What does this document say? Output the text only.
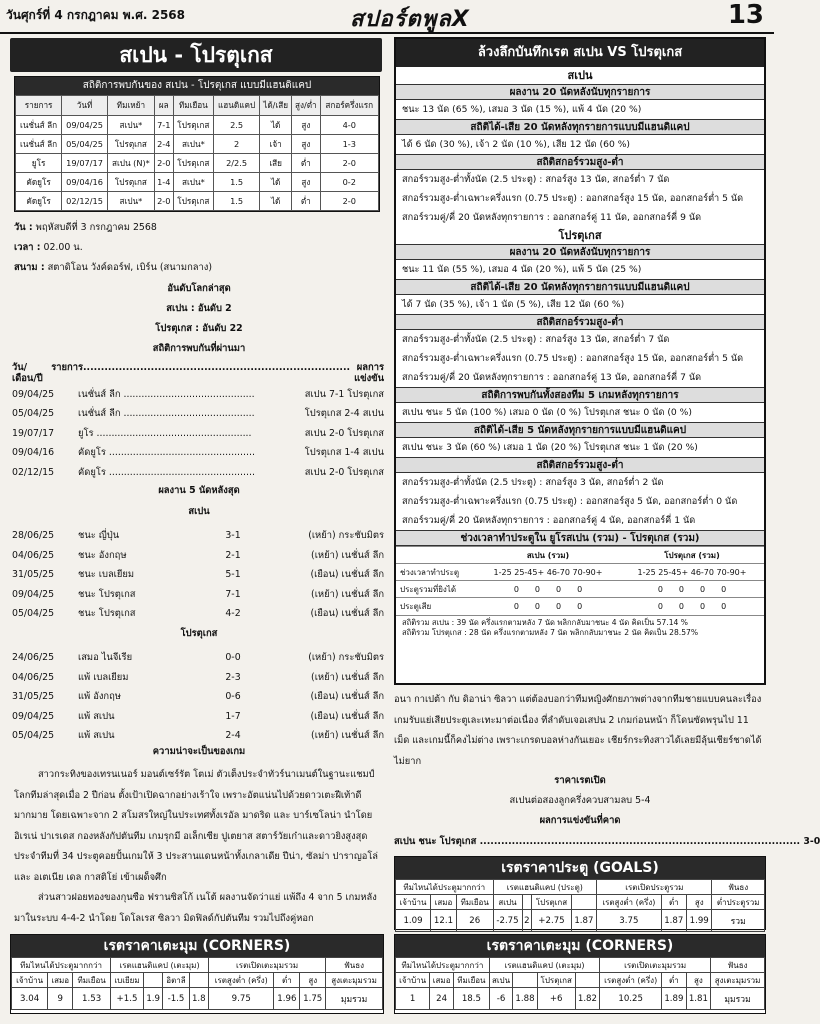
วันศุกร์ที่ 4 กรกฎาคม พ.ศ. 2568	สปอร์ตพูลX	13
สเปน - โปรตุเกส
สถิติการพบกันของ สเปน - โปรตุเกส แบบมีแฮนดิแคป
รายการ	วันที่	ทีมเหย้า	ผล	ทีมเยือน	แฮนดิแคป	ได้/เสีย	สูง/ต่ำ	สกอร์ครึ่งแรก
เนชั่นส์ ลีก	09/04/25	สเปน*	7-1	โปรตุเกส	2.5	ได้	สูง	4-0
เนชั่นส์ ลีก	05/04/25	โปรตุเกส	2-4	สเปน*	2	เจ้า	สูง	1-3
ยูโร	19/07/17	สเปน (N)*	2-0	โปรตุเกส	2/2.5	เสีย	ต่ำ	2-0
คัดยูโร	09/04/16	โปรตุเกส	1-4	สเปน*	1.5	ได้	สูง	0-2
คัดยูโร	02/12/15	สเปน*	2-0	โปรตุเกส	1.5	ได้	ต่ำ	2-0
วัน : พฤหัสบดีที่ 3 กรกฎาคม 2568
เวลา : 02.00 น.
สนาม : สตาดิโอน วังค์ดอร์ฟ, เบิร์น (สนามกลาง)
อันดับโลกล่าสุด
สเปน : อันดับ 2
โปรตุเกส : อันดับ 22
สถิติการพบกันที่ผ่านมา
วัน/เดือน/ปี
รายการ........................................................................... ผลการแข่งขัน
09/04/25	เนชั่นส์ ลีก ............................................	สเปน 7-1 โปรตุเกส
05/04/25	เนชั่นส์ ลีก ............................................	โปรตุเกส 2-4 สเปน
19/07/17	ยูโร ....................................................	สเปน 2-0 โปรตุเกส
09/04/16	คัดยูโร .................................................	โปรตุเกส 1-4 สเปน
02/12/15	คัดยูโร .................................................	สเปน 2-0 โปรตุเกส
ผลงาน 5 นัดหลังสุด
สเปน
28/06/25	ชนะ ญี่ปุ่น	3-1	(เหย้า) กระชับมิตร
04/06/25	ชนะ อังกฤษ	2-1	(เหย้า) เนชั่นส์ ลีก
31/05/25	ชนะ เบลเยียม	5-1	(เยือน) เนชั่นส์ ลีก
09/04/25	ชนะ โปรตุเกส	7-1	(เหย้า) เนชั่นส์ ลีก
05/04/25	ชนะ โปรตุเกส	4-2	(เยือน) เนชั่นส์ ลีก
โปรตุเกส
24/06/25	เสมอ ไนจีเรีย	0-0	(เหย้า) กระชับมิตร
04/06/25	แพ้ เบลเยียม	2-3	(เหย้า) เนชั่นส์ ลีก
31/05/25	แพ้ อังกฤษ	0-6	(เยือน) เนชั่นส์ ลีก
09/04/25	แพ้ สเปน	1-7	(เยือน) เนชั่นส์ ลีก
05/04/25	แพ้ สเปน	2-4	(เหย้า) เนชั่นส์ ลีก
ความน่าจะเป็นของเกม
สาวกระทิงของเทรนเนอร์ มอนต์เซร์รัต โตเม่ ตัวเต็งประจำทัวร์นาเมนต์ในฐานะแชมป์โลกทีมล่าสุดเมื่อ 2 ปีก่อน ตั้งเป้าเปิดฉากอย่างเร้าใจ เพราะอัตแน่นไปด้วยดาวเตะฝีเท้าดีมากมาย โดยเฉพาะจาก 2 สโมสรใหญ่ในประเทศทั้งเรอัล มาดริด และ บาร์เซโลน่า นำโดย อิเรเน่ ปาเรเดส กองหลังกัปตันทีม เกมรุกมี อเล็กเซีย ปูเตยาส สตาร์วัยเก๋าและดาวยิงสูงสุดประจำทีมที่ 34 ประตูคอยปั้นเกมให้ 3 ประสานแดนหน้าทั้งเกลาเดีย ปีน่า, ซัลม่า ปาราญอโล่ และ อเตเนีย เดล กาสติโย่ เข้าเผด็จศึก
ส่วนสาวฝอยทองของกุนซือ ฟรานซิสโก้ เนโต้ ผลงานจัดว่าแย่ แพ้ถึง 4 จาก 5 เกมหลัง มาในระบบ 4-4-2 นำโดย โดโลเรส ซิลวา มิดฟิลด์กัปตันทีม รวมไปถึงคู่หอก
ล้วงลึกบันทึกเรต สเปน VS โปรตุเกส
สเปน
ผลงาน 20 นัดหลังนับทุกรายการ
ชนะ 13 นัด (65 %), เสมอ 3 นัด (15 %), แพ้ 4 นัด (20 %)
สถิติได้-เสีย 20 นัดหลังทุกรายการแบบมีแฮนดิแคป
ได้ 6 นัด (30 %), เจ้า 2 นัด (10 %), เสีย 12 นัด (60 %)
สถิติสกอร์รวมสูง-ต่ำ
สกอร์รวมสูง-ต่ำทั้งนัด (2.5 ประตู) : สกอร์สูง 13 นัด, สกอร์ต่ำ 7 นัด
สกอร์รวมสูง-ต่ำเฉพาะครึ่งแรก (0.75 ประตู) : ออกสกอร์สูง 15 นัด, ออกสกอร์ต่ำ 5 นัด
สกอร์รวมคู่/คี่ 20 นัดหลังทุกรายการ : ออกสกอร์คู่ 11 นัด, ออกสกอร์คี่ 9 นัด
โปรตุเกส
ผลงาน 20 นัดหลังนับทุกรายการ
ชนะ 11 นัด (55 %), เสมอ 4 นัด (20 %), แพ้ 5 นัด (25 %)
สถิติได้-เสีย 20 นัดหลังทุกรายการแบบมีแฮนดิแคป
ได้ 7 นัด (35 %), เจ้า 1 นัด (5 %), เสีย 12 นัด (60 %)
สถิติสกอร์รวมสูง-ต่ำ
สกอร์รวมสูง-ต่ำทั้งนัด (2.5 ประตู) : สกอร์สูง 13 นัด, สกอร์ต่ำ 7 นัด
สกอร์รวมสูง-ต่ำเฉพาะครึ่งแรก (0.75 ประตู) : ออกสกอร์สูง 15 นัด, ออกสกอร์ต่ำ 5 นัด
สกอร์รวมคู่/คี่ 20 นัดหลังทุกรายการ : ออกสกอร์คู่ 13 นัด, ออกสกอร์คี่ 7 นัด
สถิติการพบกันทั้งสองทีม 5 เกมหลังทุกรายการ
สเปน ชนะ 5 นัด (100 %) เสมอ 0 นัด (0 %) โปรตุเกส ชนะ 0 นัด (0 %)
สถิติได้-เสีย 5 นัดหลังทุกรายการแบบมีแฮนดิแคป
สเปน ชนะ 3 นัด (60 %) เสมอ 1 นัด (20 %) โปรตุเกส ชนะ 1 นัด (20 %)
สถิติสกอร์รวมสูง-ต่ำ
สกอร์รวมสูง-ต่ำทั้งนัด (2.5 ประตู) : สกอร์สูง 3 นัด, สกอร์ต่ำ 2 นัด
สกอร์รวมสูง-ต่ำเฉพาะครึ่งแรก (0.75 ประตู) : ออกสกอร์สูง 5 นัด, ออกสกอร์ต่ำ 0 นัด
สกอร์รวมคู่/คี่ 20 นัดหลังทุกรายการ : ออกสกอร์คู่ 4 นัด, ออกสกอร์คี่ 1 นัด
ช่วงเวลาทำประตูใน ยูโรสเปน (รวม) - โปรตุเกส (รวม)
	สเปน (รวม)	โปรตุเกส (รวม)
ช่วงเวลาทำประตู	1-25 25-45+ 46-70 70-90+	1-25 25-45+ 46-70 70-90+
ประตูรวมที่ยิงได้	0   0   0   0	0   0   0   0
ประตูเสีย	0   0   0   0	0   0   0   0
สถิติรวม สเปน : 39 นัด ครึ่งแรกตามหลัง 7 นัด พลิกกลับมาชนะ 4 นัด คิดเป็น 57.14 %
สถิติรวม โปรตุเกส : 28 นัด ครึ่งแรกตามหลัง 7 นัด พลิกกลับมาชนะ 2 นัด คิดเป็น 28.57%
อนา กาเปต้า กับ ดิอาน่า ซิลวา แต่ต้องบอกว่าทีมหญิงศักยภาพต่างจากทีมชายแบบคนละเรื่อง เกมรับแย่เสียประตูเละเทะมาต่อเนื่อง ที่ลำดับเจอเสปน 2 เกมก่อนหน้า ก็โดนซัดพรุนไป 11 เม็ด และเกมนี้ก็คงไม่ต่าง เพราะเกรดบอลห่างกันเยอะ เชียร์กระทิงสาวได้เลยมีลุ้นเชียร์ชาดได้ไม่ยาก
ราคาเรตเปิด
สเปนต่อสองลูกครึ่งควบสามลบ 5-4
ผลการแข่งขันที่คาด
สเปน ชนะ โปรตุเกส .......................................................................................... 3-0
เรตราคาประตู (GOALS)
ทีมไหนได้ประตูมากกว่า			เรตแฮนดิแคป (ประตู)				เรตเปิดประตูรวม			ฟันธง
เจ้าบ้าน	เสมอ	ทีมเยือน	สเปน		โปรตุเกส		เรตสูงต่ำ (ครึ่ง)	ต่ำ	สูง	ต่ำประตูรวม
1.09	12.1	26	-2.75	2	+2.75	1.87	3.75	1.87	1.99	รวม
เรตราคาเตะมุม (CORNERS)
ทีมไหนได้ประตูมากกว่า			เรตแฮนดิแคป (เตะมุม)				เรตเปิดเตะมุมรวม			ฟันธง
เจ้าบ้าน	เสมอ	ทีมเยือน	สเปน		โปรตุเกส		เรตสูงต่ำ (ครึ่ง)	ต่ำ	สูง	สูงเตะมุมรวม
1	24	18.5	-6	1.88	+6	1.82	10.25	1.89	1.81	มุมรวม
เรตราคาเตะมุม (CORNERS)
ทีมไหนได้ประตูมากกว่า			เรตแฮนดิแคป (เตะมุม)				เรตเปิดเตะมุมรวม			ฟันธง
เจ้าบ้าน	เสมอ	ทีมเยือน	เบเยียม		อิตาลี		เรตสูงต่ำ (ครึ่ง)	ต่ำ	สูง	สูงเตะมุมรวม
3.04	9	1.53	+1.5	1.9	-1.5	1.8	9.75	1.96	1.75	มุมรวม
